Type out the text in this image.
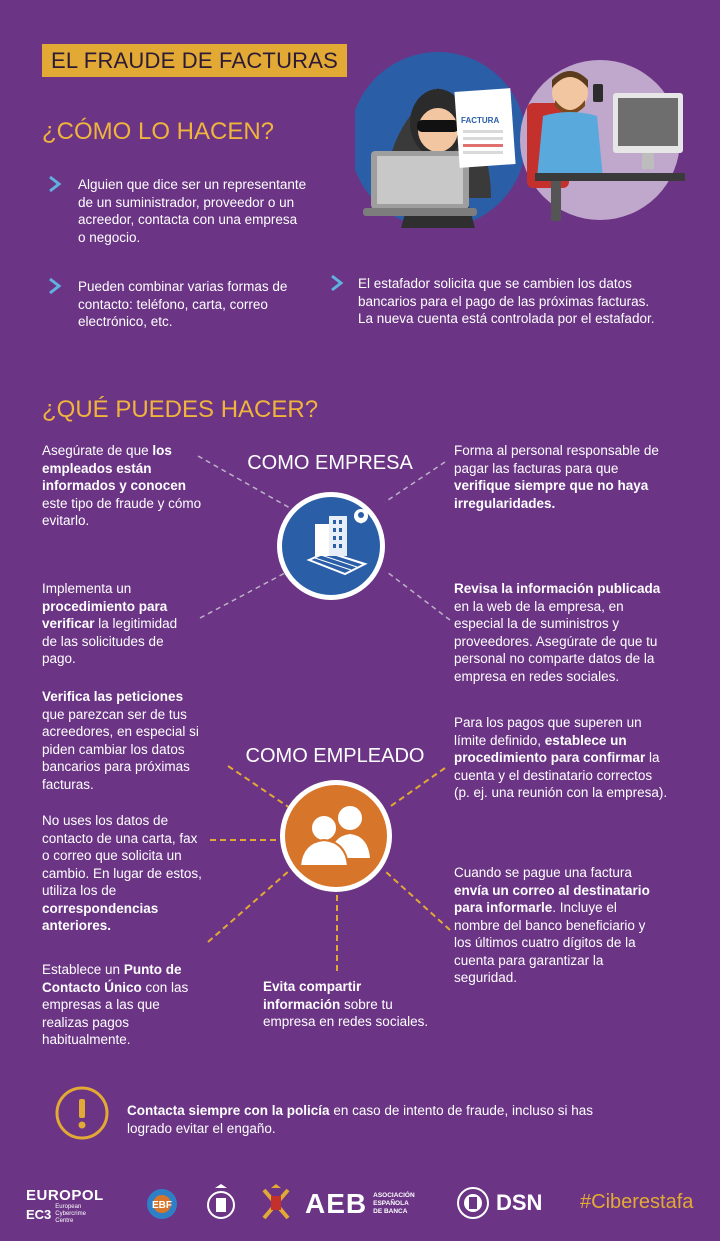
EL FRAUDE DE FACTURAS
FACTURA
¿CÓMO LO HACEN?
Alguien que dice ser un representante de un suministrador, proveedor o un acreedor, contacta con una empresa o negocio.
Pueden combinar varias formas de contacto: teléfono, carta, correo electrónico, etc.
El estafador solicita que se cambien los datos bancarios para el pago de las próximas facturas. La nueva cuenta está controlada por el estafador.
¿QUÉ PUEDES HACER?
COMO EMPRESA
Asegúrate de que los empleados están informados y conocen este tipo de fraude y cómo evitarlo.
Implementa un procedimiento para verificar la legitimidad de las solicitudes de pago.
Forma al personal responsable de pagar las facturas para que verifique siempre que no haya irregularidades.
Revisa la información publicada en la web de la empresa, en especial la de suministros y proveedores. Asegúrate de que tu personal no comparte datos de la empresa en redes sociales.
COMO EMPLEADO
Verifica las peticiones que parezcan ser de tus acreedores, en especial si piden cambiar los datos bancarios para próximas facturas.
No uses los datos de contacto de una carta, fax o correo que solicita un cambio. En lugar de estos, utiliza los de correspondencias anteriores.
Establece un Punto de Contacto Único con las empresas a las que realizas pagos habitualmente.
Evita compartir información sobre tu empresa en redes sociales.
Para los pagos que superen un límite definido, establece un procedimiento para confirmar la cuenta y el destinatario correctos (p. ej. una reunión con la empresa).
Cuando se pague una factura envía un correo al destinatario para informarle. Incluye el nombre del banco beneficiario y los últimos cuatro dígitos de la cuenta para garantizar la seguridad.
Contacta siempre con la policía en caso de intento de fraude, incluso si has logrado evitar el engaño.
EUROPOL
EC3 European Cybercrime Centre
EBF	AEB ASOCIACIÓN
ESPAÑOLA
DE BANCA	DSN #Ciberestafa
